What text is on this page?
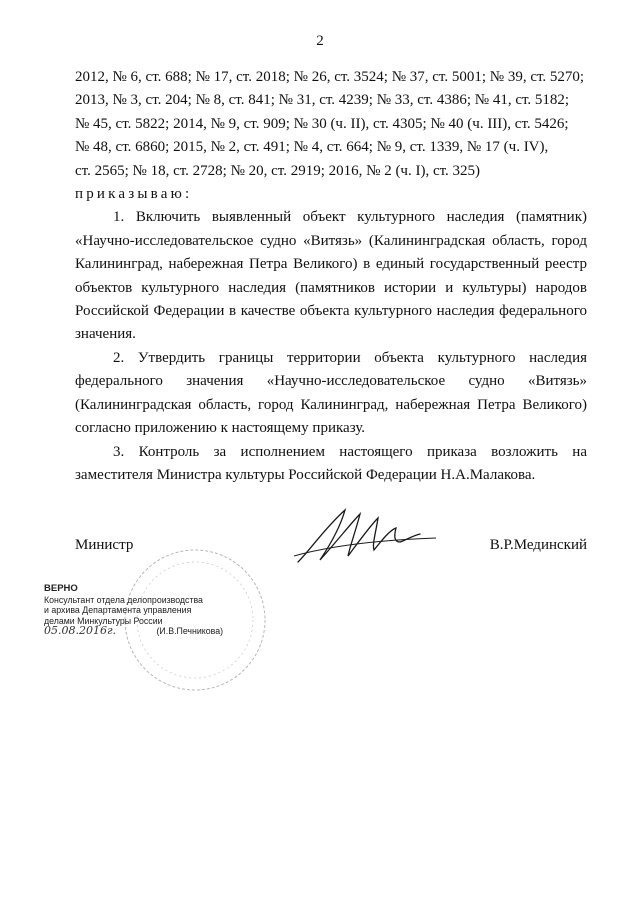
2

2012, № 6, ст. 688; № 17, ст. 2018; № 26, ст. 3524; № 37, ст. 5001; № 39, ст. 5270;

2013, № 3, ст. 204; № 8, ст. 841; № 31, ст. 4239; № 33, ст. 4386; № 41, ст. 5182;

№ 45, ст. 5822; 2014, № 9, ст. 909; № 30 (ч. II), ст. 4305; № 40 (ч. III), ст. 5426;

№ 48, ст. 6860; 2015, № 2, ст. 491; № 4, ст. 664; № 9, ст. 1339, № 17 (ч. IV),

ст. 2565; № 18, ст. 2728; № 20, ст. 2919; 2016, № 2 (ч. I), ст. 325)

приказываю:

1. Включить выявленный объект культурного наследия (памятник) «Научно-исследовательское судно «Витязь» (Калининградская область, город Калининград, набережная Петра Великого) в единый государственный реестр объектов культурного наследия (памятников истории и культуры) народов Российской Федерации в качестве объекта культурного наследия федерального значения.

2. Утвердить границы территории объекта культурного наследия федерального значения «Научно-исследовательское судно «Витязь» (Калининградская область, город Калининград, набережная Петра Великого) согласно приложению к настоящему приказу.

3. Контроль за исполнением настоящего приказа возложить на заместителя Министра культуры Российской Федерации Н.А.Малакова.

Министр	В.Р.Мединский
ВЕРНО
Консультант отдела делопроизводства
и архива Департамента управления
делами Минкультуры России
05.08.2016г.	(И.В.Печникова)
